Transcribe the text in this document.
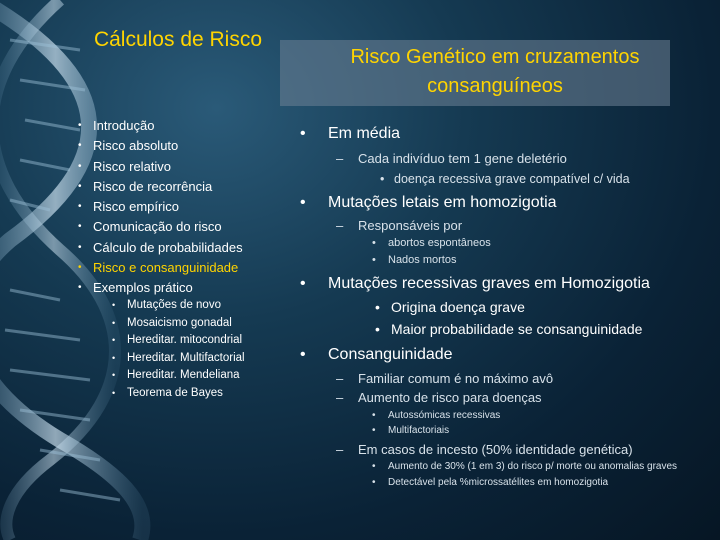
Cálculos de Risco
Risco Genético em cruzamentos consanguíneos
• Introdução
• Risco absoluto
• Risco relativo
• Risco de recorrência
• Risco empírico
• Comunicação do risco
• Cálculo de probabilidades
• Risco e consanguinidade
• Exemplos prático
•	Mutações de novo
•	Mosaicismo gonadal
•	Hereditar. mitocondrial
•	Hereditar. Multifactorial
•	Hereditar. Mendeliana
•	Teorema de Bayes
•	Em média
–	Cada indivíduo tem 1 gene deletério
• doença recessiva grave compatível c/ vida
•	Mutações letais em homozigotia
–	Responsáveis por
•	abortos espontâneos
•	Nados mortos
•	Mutações recessivas graves em Homozigotia
• Origina doença grave
• Maior probabilidade se consanguinidade
•	Consanguinidade
–	Familiar comum é no máximo avô
–	Aumento de risco para doenças
•	Autossómicas recessivas
•	Multifactoriais
–	Em casos de incesto (50% identidade genética)
•	Aumento de 30% (1 em 3) do risco p/ morte ou anomalias graves
•	Detectável pela %microssatélites em homozigotia
